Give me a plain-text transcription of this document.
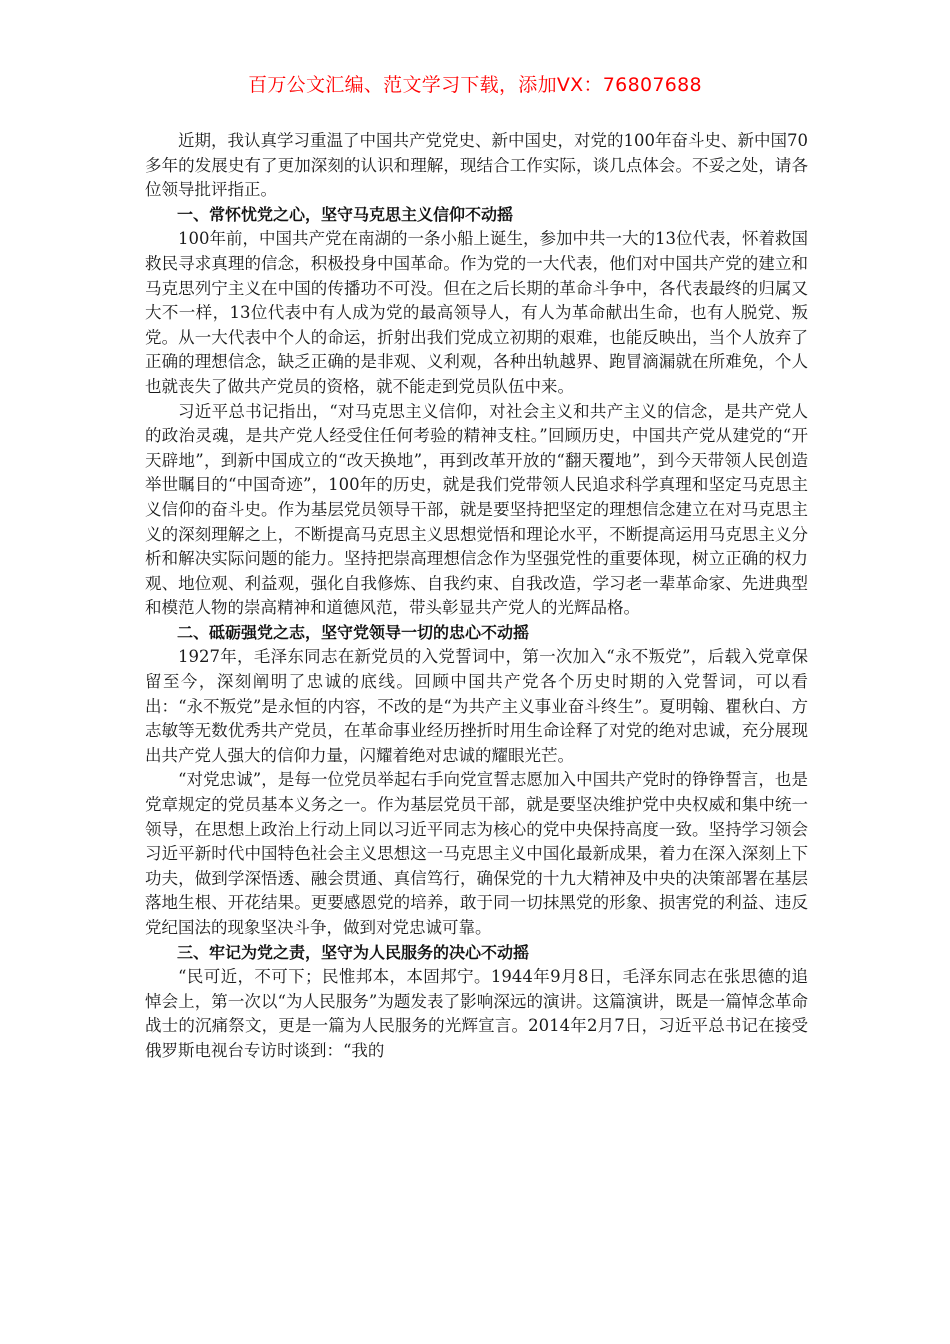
百万公文汇编、范文学习下载，添加VX：76807688

近期，我认真学习重温了中国共产党党史、新中国史，对党的100年奋斗史、新中国70多年的发展史有了更加深刻的认识和理解，现结合工作实际，谈几点体会。不妥之处，请各位领导批评指正。

一、常怀忧党之心，坚守马克思主义信仰不动摇

100年前，中国共产党在南湖的一条小船上诞生，参加中共一大的13位代表，怀着救国救民寻求真理的信念，积极投身中国革命。作为党的一大代表，他们对中国共产党的建立和马克思列宁主义在中国的传播功不可没。但在之后长期的革命斗争中，各代表最终的归属又大不一样，13位代表中有人成为党的最高领导人，有人为革命献出生命，也有人脱党、叛党。从一大代表中个人的命运，折射出我们党成立初期的艰难，也能反映出，当个人放弃了正确的理想信念，缺乏正确的是非观、义利观，各种出轨越界、跑冒滴漏就在所难免，个人也就丧失了做共产党员的资格，就不能走到党员队伍中来。

习近平总书记指出，“对马克思主义信仰，对社会主义和共产主义的信念，是共产党人的政治灵魂，是共产党人经受住任何考验的精神支柱。”回顾历史，中国共产党从建党的“开天辟地”，到新中国成立的“改天换地”，再到改革开放的“翻天覆地”，到今天带领人民创造举世瞩目的“中国奇迹”，100年的历史，就是我们党带领人民追求科学真理和坚定马克思主义信仰的奋斗史。作为基层党员领导干部，就是要坚持把坚定的理想信念建立在对马克思主义的深刻理解之上，不断提高马克思主义思想觉悟和理论水平，不断提高运用马克思主义分析和解决实际问题的能力。坚持把崇高理想信念作为坚强党性的重要体现，树立正确的权力观、地位观、利益观，强化自我修炼、自我约束、自我改造，学习老一辈革命家、先进典型和模范人物的崇高精神和道德风范，带头彰显共产党人的光辉品格。

二、砥砺强党之志，坚守党领导一切的忠心不动摇

1927年，毛泽东同志在新党员的入党誓词中，第一次加入“永不叛党”，后载入党章保留至今，深刻阐明了忠诚的底线。回顾中国共产党各个历史时期的入党誓词，可以看出：“永不叛党”是永恒的内容，不改的是“为共产主义事业奋斗终生”。夏明翰、瞿秋白、方志敏等无数优秀共产党员，在革命事业经历挫折时用生命诠释了对党的绝对忠诚，充分展现出共产党人强大的信仰力量，闪耀着绝对忠诚的耀眼光芒。

“对党忠诚”，是每一位党员举起右手向党宣誓志愿加入中国共产党时的铮铮誓言，也是党章规定的党员基本义务之一。作为基层党员干部，就是要坚决维护党中央权威和集中统一领导，在思想上政治上行动上同以习近平同志为核心的党中央保持高度一致。坚持学习领会习近平新时代中国特色社会主义思想这一马克思主义中国化最新成果，着力在深入深刻上下功夫，做到学深悟透、融会贯通、真信笃行，确保党的十九大精神及中央的决策部署在基层落地生根、开花结果。更要感恩党的培养，敢于同一切抹黑党的形象、损害党的利益、违反党纪国法的现象坚决斗争，做到对党忠诚可靠。

三、牢记为党之责，坚守为人民服务的决心不动摇

“民可近，不可下；民惟邦本，本固邦宁。1944年9月8日，毛泽东同志在张思德的追悼会上，第一次以“为人民服务”为题发表了影响深远的演讲。这篇演讲，既是一篇悼念革命战士的沉痛祭文，更是一篇为人民服务的光辉宣言。2014年2月7日，习近平总书记在接受俄罗斯电视台专访时谈到：“我的
